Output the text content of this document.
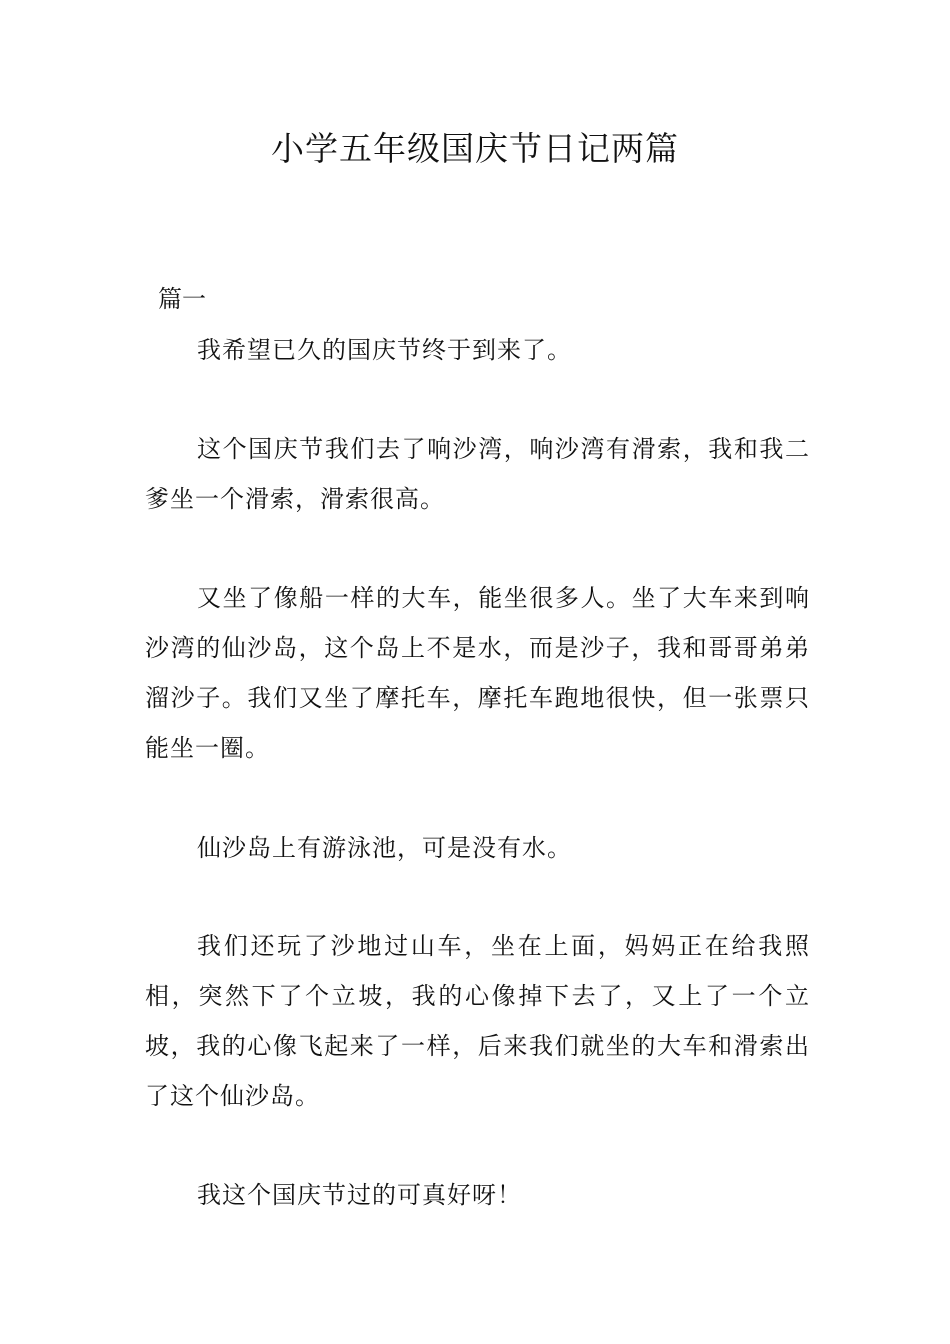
小学五年级国庆节日记两篇
篇一

我希望已久的国庆节终于到来了。

这个国庆节我们去了响沙湾，响沙湾有滑索，我和我二爹坐一个滑索，滑索很高。

又坐了像船一样的大车，能坐很多人。坐了大车来到响沙湾的仙沙岛，这个岛上不是水，而是沙子，我和哥哥弟弟溜沙子。我们又坐了摩托车，摩托车跑地很快，但一张票只能坐一圈。

仙沙岛上有游泳池，可是没有水。

我们还玩了沙地过山车，坐在上面，妈妈正在给我照相，突然下了个立坡，我的心像掉下去了，又上了一个立坡，我的心像飞起来了一样，后来我们就坐的大车和滑索出了这个仙沙岛。

我这个国庆节过的可真好呀！
